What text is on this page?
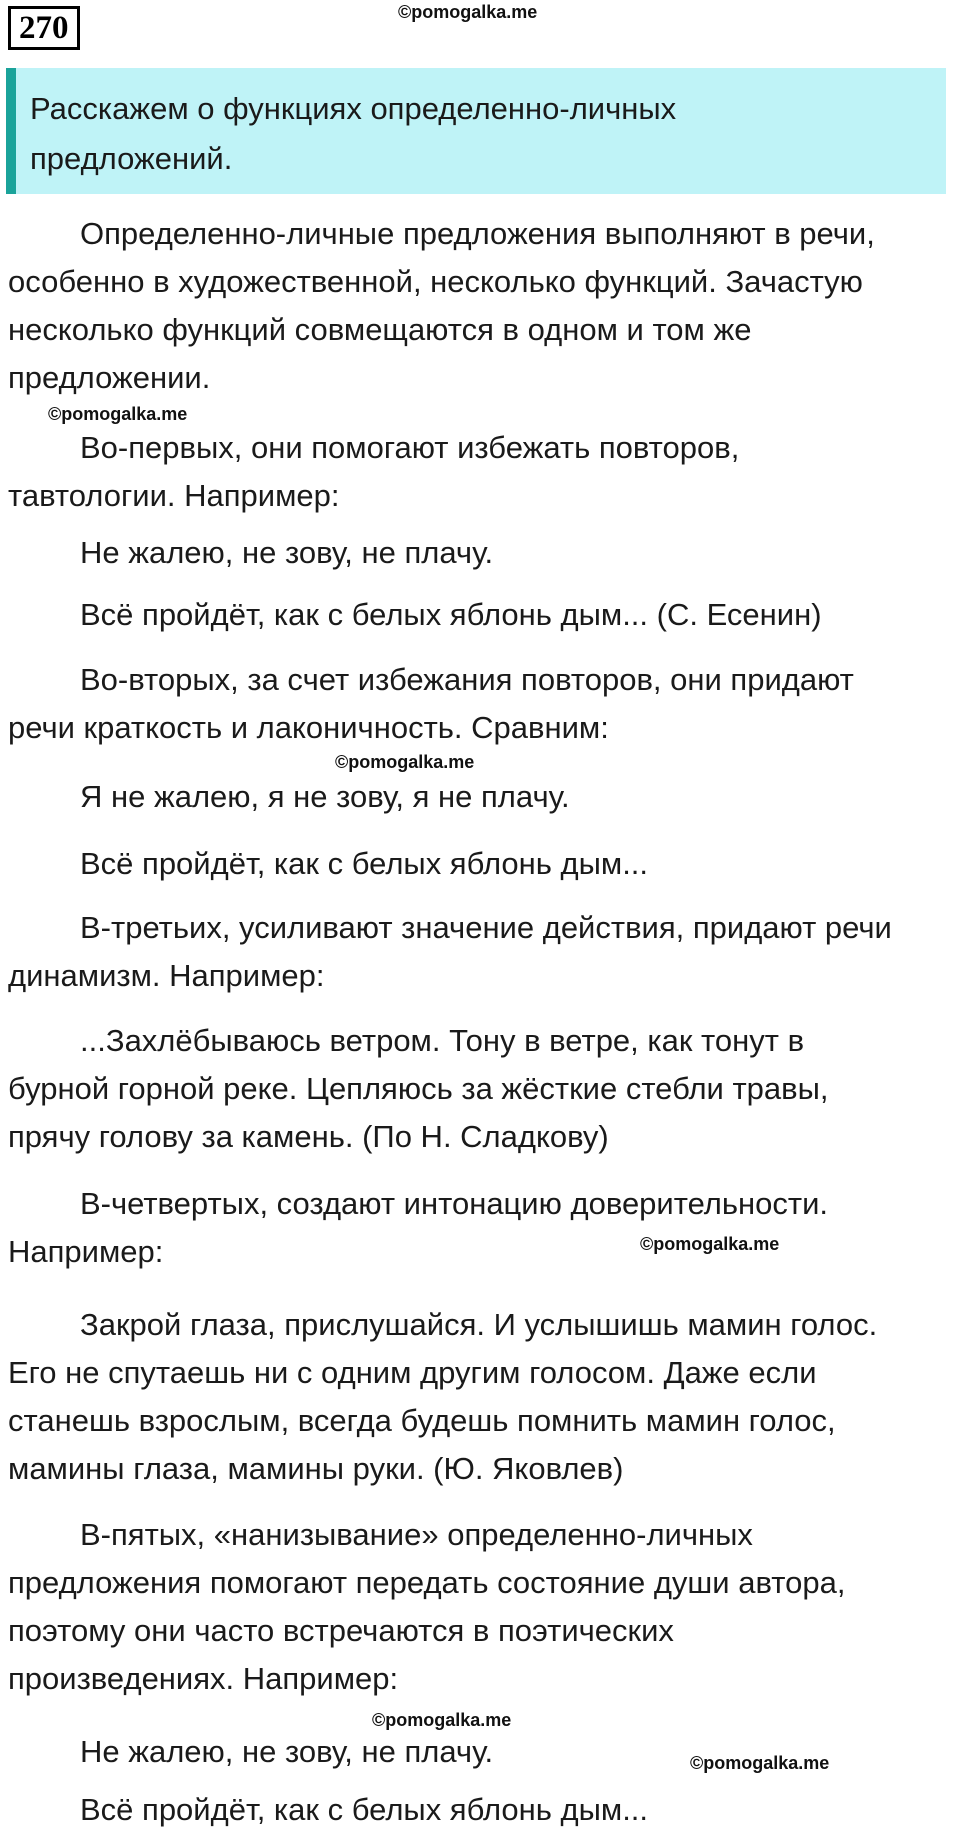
270	©pomogalka.me
Расскажем о функциях определенно-личных
предложений.
Определенно-личные предложения выполняют в речи,
особенно в художественной, несколько функций. Зачастую
несколько функций совмещаются в одном и том же
предложении.
©pomogalka.me
Во-первых, они помогают избежать повторов,
тавтологии. Например:
Не жалею, не зову, не плачу.
Всё пройдёт, как с белых яблонь дым... (С. Есенин)
Во-вторых, за счет избежания повторов, они придают
речи краткость и лаконичность. Сравним:
©pomogalka.me
Я не жалею, я не зову, я не плачу.
Всё пройдёт, как с белых яблонь дым...
В-третьих, усиливают значение действия, придают речи
динамизм. Например:
...Захлёбываюсь ветром. Тону в ветре, как тонут в
бурной горной реке. Цепляюсь за жёсткие стебли травы,
прячу голову за камень. (По Н. Сладкову)
В-четвертых, создают интонацию доверительности.
Например:	©pomogalka.me
Закрой глаза, прислушайся. И услышишь мамин голос.
Его не спутаешь ни с одним другим голосом. Даже если
станешь взрослым, всегда будешь помнить мамин голос,
мамины глаза, мамины руки. (Ю. Яковлев)
В-пятых, «нанизывание» определенно-личных
предложения помогают передать состояние души автора,
поэтому они часто встречаются в поэтических
произведениях. Например:
©pomogalka.me
Не жалею, не зову, не плачу.	©pomogalka.me
Всё пройдёт, как с белых яблонь дым...
